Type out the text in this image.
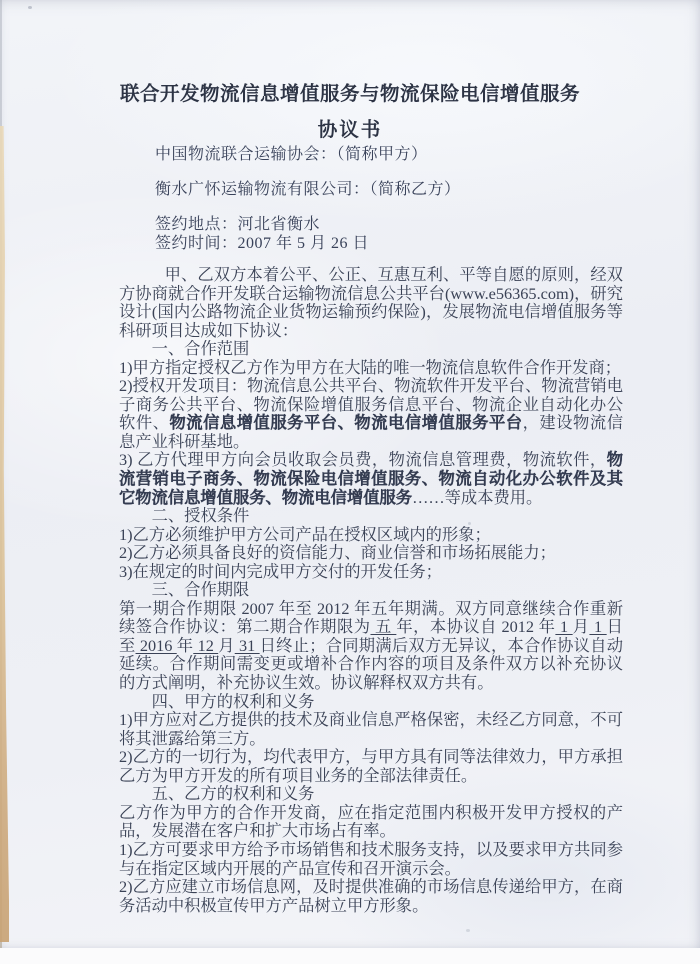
联合开发物流信息增值服务与物流保险电信增值服务
协议书

中国物流联合运输协会：（简称甲方）

衡水广怀运输物流有限公司：（简称乙方）

签约地点：河北省衡水

签约时间：2007 年 5 月 26 日

甲、乙双方本着公平、公正、互惠互利、平等自愿的原则，经双方协商就合作开发联合运输物流信息公共平台(www.e56365.com)，研究设计(国内公路物流企业货物运输预约保险)，发展物流电信增值服务等科研项目达成如下协议：

一、合作范围

1)甲方指定授权乙方作为甲方在大陆的唯一物流信息软件合作开发商；

2)授权开发项目：物流信息公共平台、物流软件开发平台、物流营销电子商务公共平台、物流保险增值服务信息平台、物流企业自动化办公软件、物流信息增值服务平台、物流电信增值服务平台，建设物流信息产业科研基地。

3) 乙方代理甲方向会员收取会员费，物流信息管理费，物流软件，物流营销电子商务、物流保险电信增值服务、物流自动化办公软件及其它物流信息增值服务、物流电信增值服务……等成本费用。

二、授权条件

1)乙方必须维护甲方公司产品在授权区域内的形象；

2)乙方必须具备良好的资信能力、商业信誉和市场拓展能力；

3)在规定的时间内完成甲方交付的开发任务；

三、合作期限

第一期合作期限 2007 年至 2012 年五年期满。双方同意继续合作重新续签合作协议：第二期合作期限为 五 年，本协议自 2012 年 1 月 1 日 至 2016 年 12 月 31 日终止；合同期满后双方无异议，本合作协议自动延续。合作期间需变更或增补合作内容的项目及条件双方以补充协议的方式阐明，补充协议生效。协议解释权双方共有。

四、甲方的权利和义务

1)甲方应对乙方提供的技术及商业信息严格保密，未经乙方同意，不可将其泄露给第三方。

2)乙方的一切行为，均代表甲方，与甲方具有同等法律效力，甲方承担乙方为甲方开发的所有项目业务的全部法律责任。

五、乙方的权利和义务

乙方作为甲方的合作开发商，应在指定范围内积极开发甲方授权的产品，发展潜在客户和扩大市场占有率。

1)乙方可要求甲方给予市场销售和技术服务支持，以及要求甲方共同参与在指定区域内开展的产品宣传和召开演示会。

2)乙方应建立市场信息网，及时提供准确的市场信息传递给甲方，在商务活动中积极宣传甲方产品树立甲方形象。
